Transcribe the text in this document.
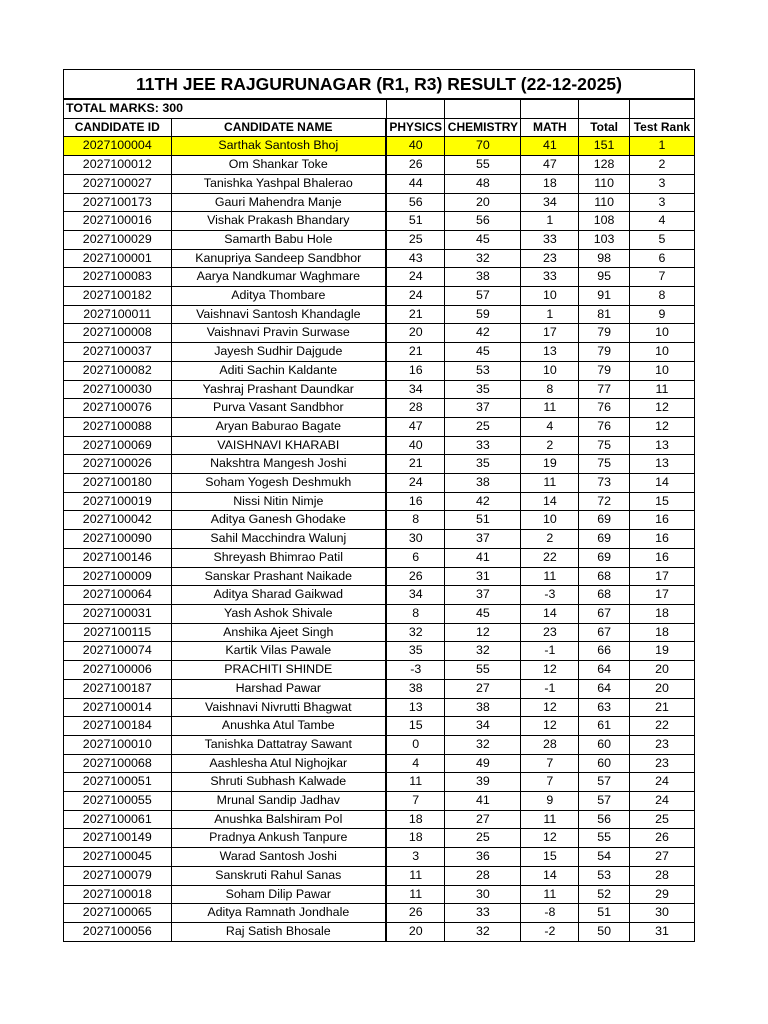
11TH JEE RAJGURUNAGAR (R1, R3) RESULT (22-12-2025)						
TOTAL MARKS: 300						
CANDIDATE ID	CANDIDATE NAME	PHYSICS	CHEMISTRY	MATH	Total	Test Rank
2027100004	Sarthak Santosh Bhoj	40	70	41	151	1
2027100012	Om Shankar Toke	26	55	47	128	2
2027100027	Tanishka Yashpal Bhalerao	44	48	18	110	3
2027100173	Gauri Mahendra Manje	56	20	34	110	3
2027100016	Vishak Prakash Bhandary	51	56	1	108	4
2027100029	Samarth Babu Hole	25	45	33	103	5
2027100001	Kanupriya Sandeep Sandbhor	43	32	23	98	6
2027100083	Aarya Nandkumar Waghmare	24	38	33	95	7
2027100182	Aditya Thombare	24	57	10	91	8
2027100011	Vaishnavi Santosh Khandagle	21	59	1	81	9
2027100008	Vaishnavi Pravin Surwase	20	42	17	79	10
2027100037	Jayesh Sudhir Dajgude	21	45	13	79	10
2027100082	Aditi Sachin Kaldante	16	53	10	79	10
2027100030	Yashraj Prashant Daundkar	34	35	8	77	11
2027100076	Purva Vasant Sandbhor	28	37	11	76	12
2027100088	Aryan Baburao Bagate	47	25	4	76	12
2027100069	VAISHNAVI KHARABI	40	33	2	75	13
2027100026	Nakshtra Mangesh Joshi	21	35	19	75	13
2027100180	Soham Yogesh Deshmukh	24	38	11	73	14
2027100019	Nissi Nitin Nimje	16	42	14	72	15
2027100042	Aditya Ganesh Ghodake	8	51	10	69	16
2027100090	Sahil Macchindra Walunj	30	37	2	69	16
2027100146	Shreyash Bhimrao Patil	6	41	22	69	16
2027100009	Sanskar Prashant Naikade	26	31	11	68	17
2027100064	Aditya Sharad Gaikwad	34	37	-3	68	17
2027100031	Yash Ashok Shivale	8	45	14	67	18
2027100115	Anshika Ajeet Singh	32	12	23	67	18
2027100074	Kartik Vilas Pawale	35	32	-1	66	19
2027100006	PRACHITI SHINDE	-3	55	12	64	20
2027100187	Harshad Pawar	38	27	-1	64	20
2027100014	Vaishnavi Nivrutti Bhagwat	13	38	12	63	21
2027100184	Anushka Atul Tambe	15	34	12	61	22
2027100010	Tanishka Dattatray Sawant	0	32	28	60	23
2027100068	Aashlesha Atul Nighojkar	4	49	7	60	23
2027100051	Shruti Subhash Kalwade	11	39	7	57	24
2027100055	Mrunal Sandip Jadhav	7	41	9	57	24
2027100061	Anushka Balshiram Pol	18	27	11	56	25
2027100149	Pradnya Ankush Tanpure	18	25	12	55	26
2027100045	Warad Santosh Joshi	3	36	15	54	27
2027100079	Sanskruti Rahul Sanas	11	28	14	53	28
2027100018	Soham Dilip Pawar	11	30	11	52	29
2027100065	Aditya Ramnath Jondhale	26	33	-8	51	30
2027100056	Raj Satish Bhosale	20	32	-2	50	31
